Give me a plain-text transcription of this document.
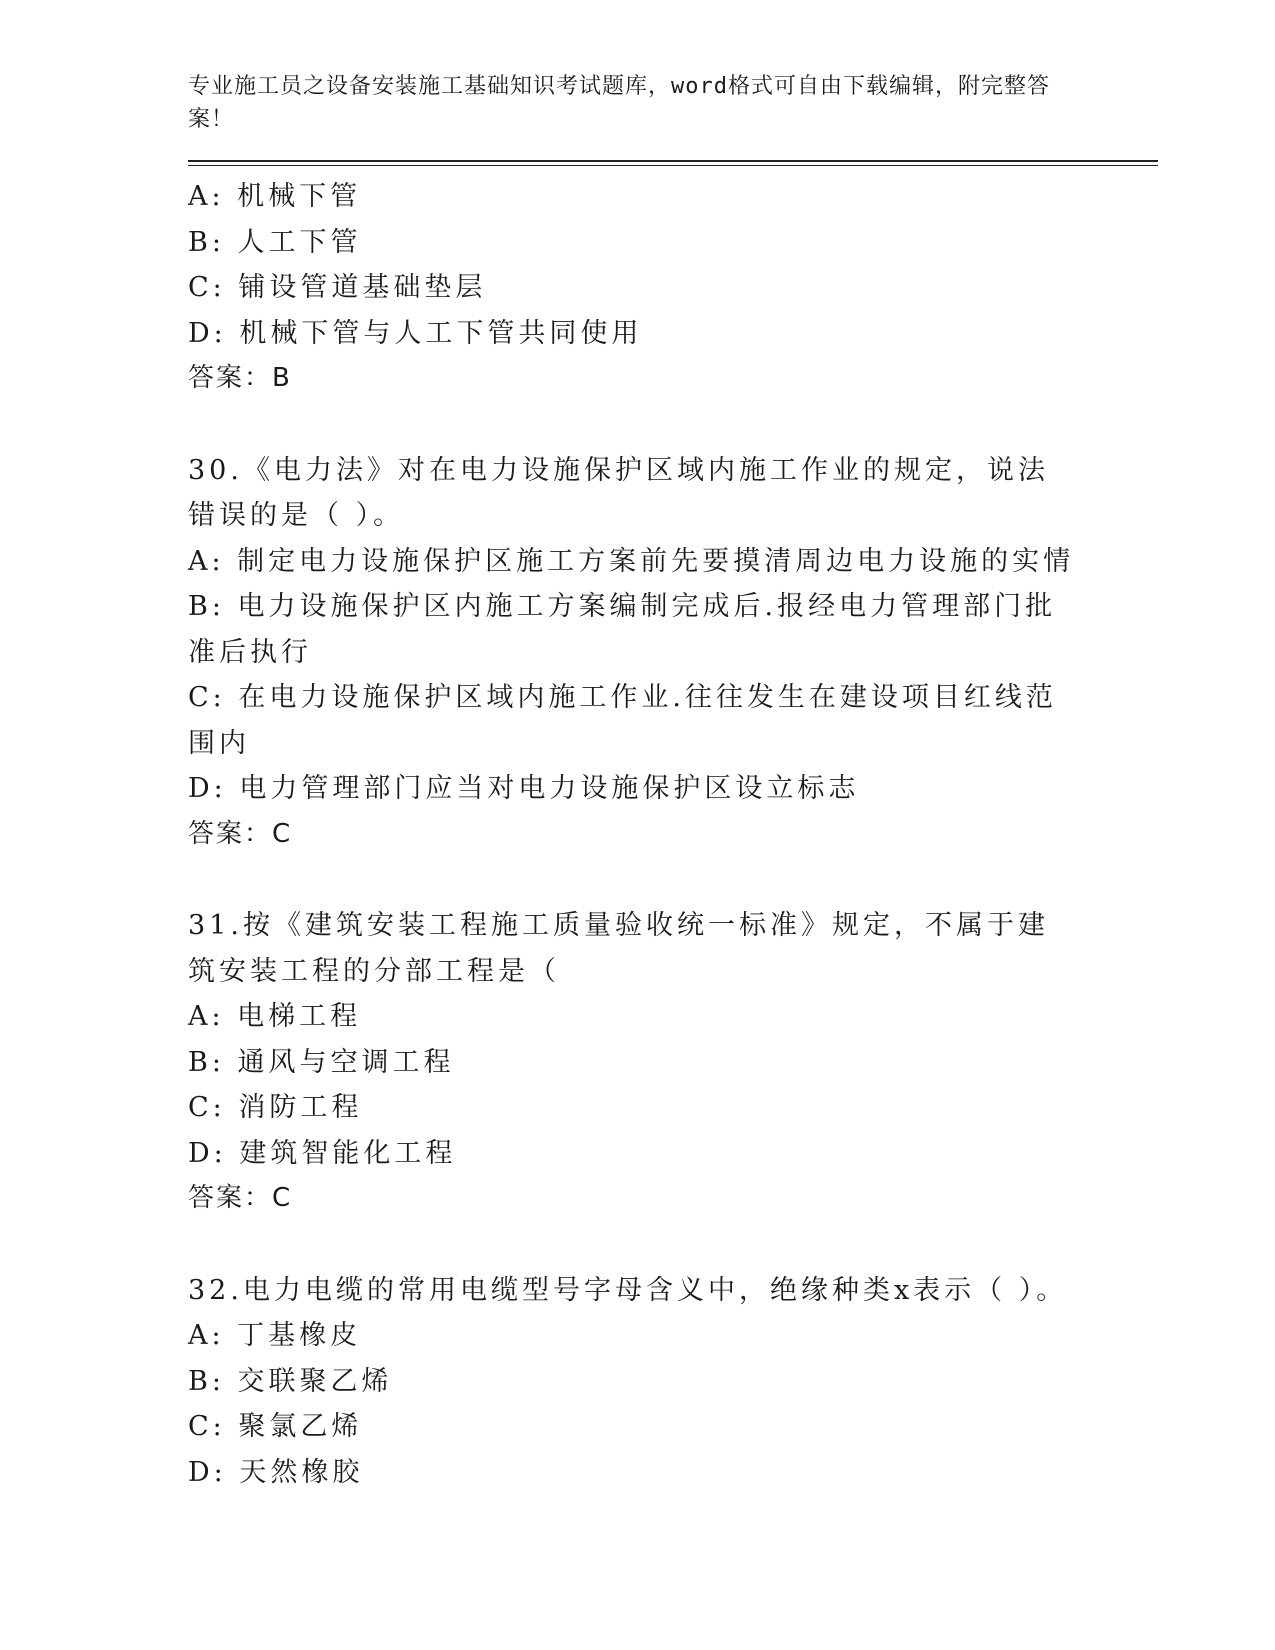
专业施工员之设备安装施工基础知识考试题库，word格式可自由下载编辑，附完整答案！

A: 机械下管

B: 人工下管

C: 铺设管道基础垫层

D: 机械下管与人工下管共同使用

答案：B

30.《电力法》对在电力设施保护区域内施工作业的规定，说法错误的是（ ）。

A: 制定电力设施保护区施工方案前先要摸清周边电力设施的实情

B: 电力设施保护区内施工方案编制完成后.报经电力管理部门批准后执行

C: 在电力设施保护区域内施工作业.往往发生在建设项目红线范围内

D: 电力管理部门应当对电力设施保护区设立标志

答案：C

31.按《建筑安装工程施工质量验收统一标准》规定，不属于建筑安装工程的分部工程是（

A: 电梯工程

B: 通风与空调工程

C: 消防工程

D: 建筑智能化工程

答案：C

32.电力电缆的常用电缆型号字母含义中，绝缘种类x表示（ ）。

A: 丁基橡皮

B: 交联聚乙烯

C: 聚氯乙烯

D: 天然橡胶
